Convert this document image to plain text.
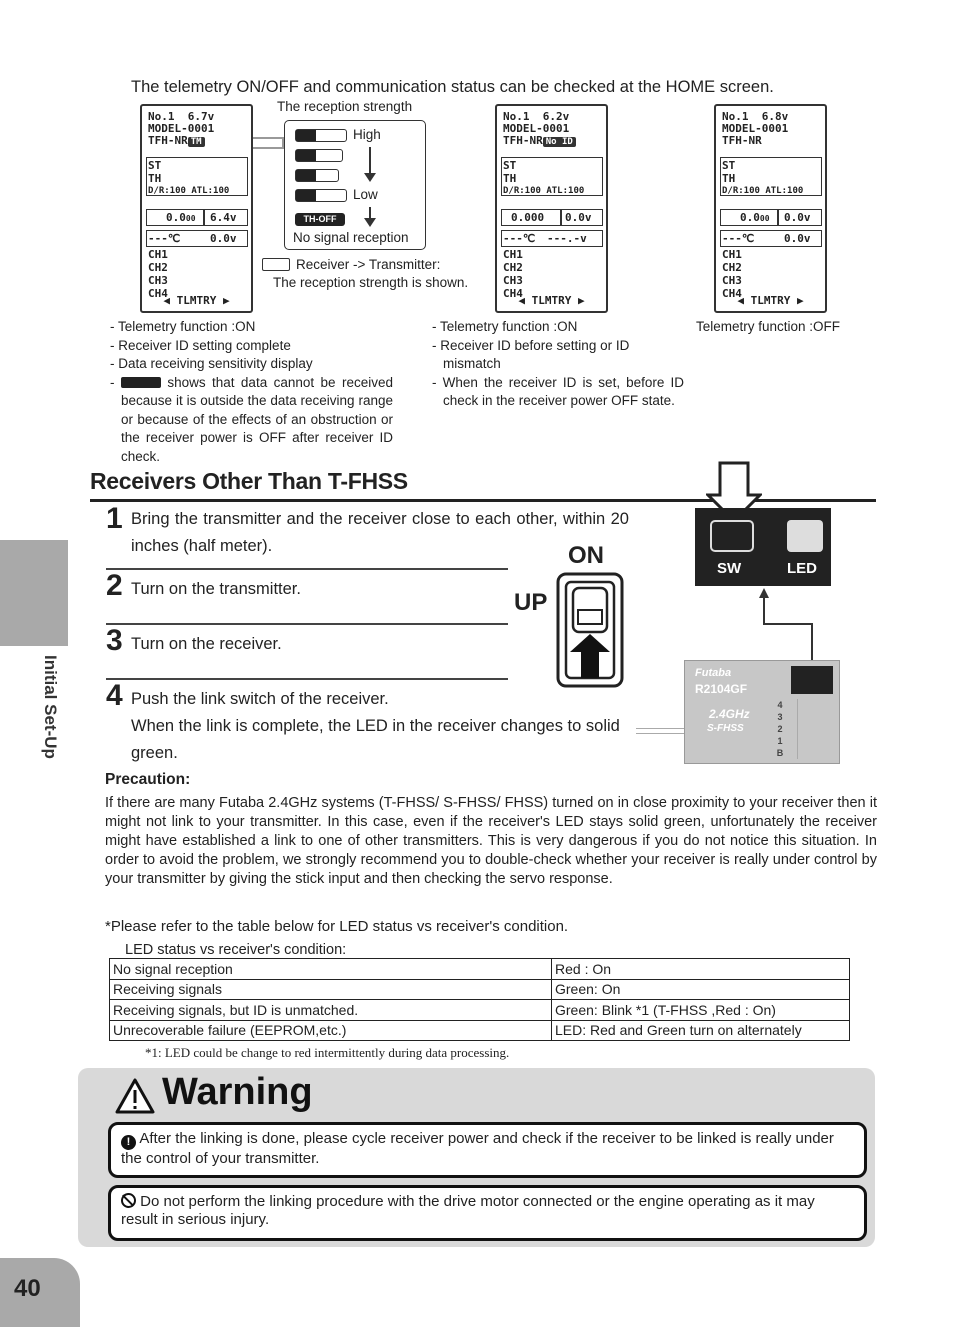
Initial Set-Up
40
The telemetry ON/OFF and communication status can be checked at the HOME screen.
No.1 6.7v
MODEL-0001
TFH-NR TM
ST
TH
D/R:100 ATL:100
0.000 6.4v
---℃	0.0v
CH1
CH2
CH3
CH4
◀ TLMTRY ▶
The reception strength
High
Low
TH-OFF
No signal reception
Receiver -> Transmitter:
The reception strength is shown.
No.1 6.2v
MODEL-0001
TFH-NR No ID
ST
TH
D/R:100 ATL:100
0.000 0.0v
---℃ ---.-v
CH1
CH2
CH3
CH4
◀ TLMTRY ▶
No.1 6.8v
MODEL-0001
TFH-NR
ST
TH
D/R:100 ATL:100
0.000 0.0v
---℃	0.0v
CH1
CH2
CH3
CH4
◀ TLMTRY ▶
- Telemetry function :ON
- Receiver ID setting complete
- Data receiving sensitivity display
-	shows that data cannot be received because it is outside the data receiving range or because of the effects of an obstruction or the receiver power is OFF after receiver ID check.
- Telemetry function :ON
- Receiver ID before setting or ID mismatch
- When the receiver ID is set, before ID check in the receiver power OFF state.
Telemetry function :OFF
Receivers Other Than T-FHSS
1 Bring the transmitter and the receiver close to each other, within 20 inches (half meter).
2 Turn on the transmitter.
3 Turn on the receiver.
4 Push the link switch of the receiver.
When the link is complete, the LED in the receiver changes to solid green.
ON
UP
SW	LED
Futaba
R2104GF
2.4GHz
S-FHSS
4
3
2
1
B
Precaution:
If there are many Futaba 2.4GHz systems (T-FHSS/ S-FHSS/ FHSS) turned on in close proximity to your receiver then it might not link to your transmitter. In this case, even if the receiver's LED stays solid green, unfortunately the receiver might have established a link to one of other transmitters. This is very dangerous if you do not notice this situation. In order to avoid the problem, we strongly recommend you to double-check whether your receiver is really under control by your transmitter by giving the stick input and then checking the servo response.
*Please refer to the table below for LED status vs receiver's condition.
LED status vs receiver's condition:
No signal reception	Red : On
Receiving signals	Green: On
Receiving signals, but ID is unmatched.	Green: Blink *1 (T-FHSS ,Red : On)
Unrecoverable failure (EEPROM,etc.)	LED: Red and Green turn on alternately
*1: LED could be change to red intermittently during data processing.
Warning
! After the linking is done, please cycle receiver power and check if the receiver to be linked is really under the control of your transmitter.
Do not perform the linking procedure with the drive motor connected or the engine operating as it may result in serious injury.
